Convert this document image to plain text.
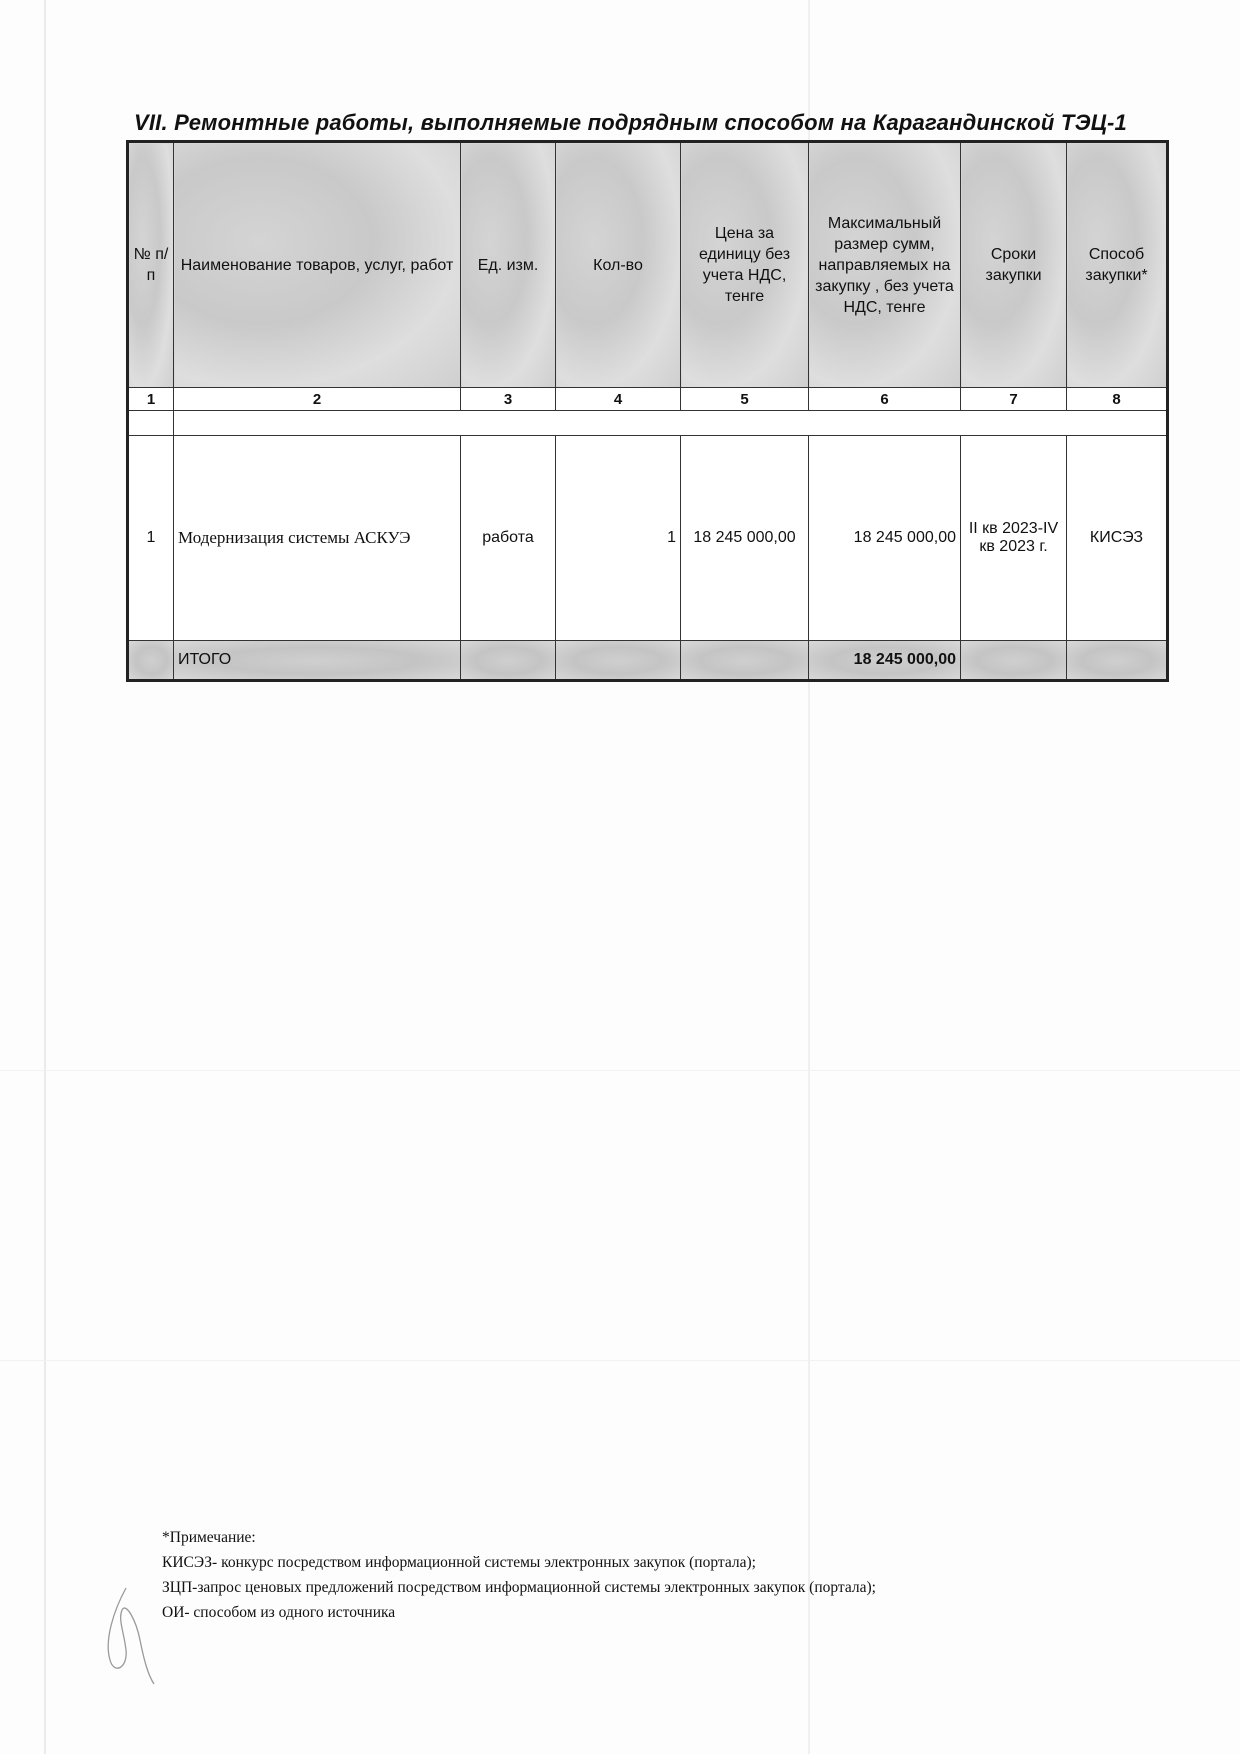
VII. Ремонтные работы, выполняемые подрядным способом на Карагандинской ТЭЦ-1
№ п/п	Наименование товаров, услуг, работ	Ед. изм.	Кол-во	Цена за единицу без учета НДС, тенге	Максимальный размер сумм, направляемых на закупку , без учета НДС, тенге	Сроки закупки	Способ закупки*
1	2	3	4	5	6	7	8

1	Модернизация системы АСКУЭ	работа	1	18 245 000,00	18 245 000,00	II кв 2023-IV кв 2023 г.	КИСЭЗ
	ИТОГО				18 245 000,00		
*Примечание:
КИСЭЗ- конкурс посредством информационной системы электронных закупок (портала);
ЗЦП-запрос ценовых предложений посредством информационной системы электронных закупок (портала);
ОИ- способом из одного источника
